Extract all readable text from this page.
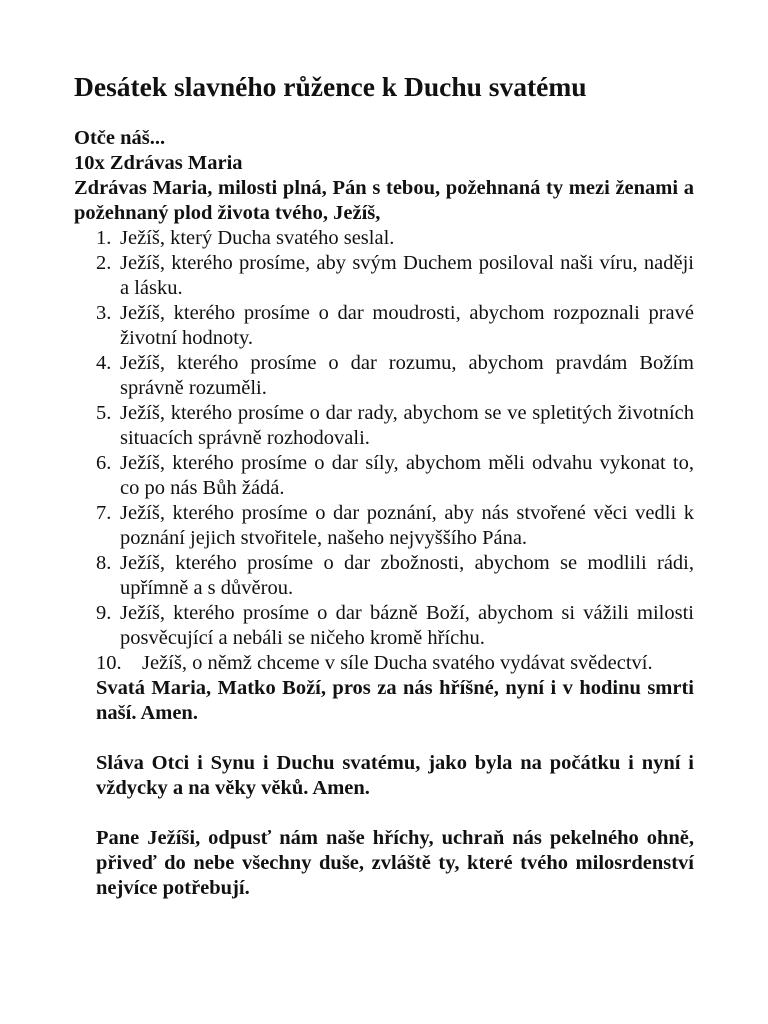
Desátek slavného růžence k Duchu svatému

Otče náš...

10x Zdrávas Maria

Zdrávas Maria, milosti plná, Pán s tebou, požehnaná ty mezi ženami a požehnaný plod života tvého, Ježíš,

1. Ježíš, který Ducha svatého seslal.
2. Ježíš, kterého prosíme, aby svým Duchem posiloval naši víru, naději a lásku.
3. Ježíš, kterého prosíme o dar moudrosti, abychom rozpoznali pravé životní hodnoty.
4. Ježíš, kterého prosíme o dar rozumu, abychom pravdám Božím správně rozuměli.
5. Ježíš, kterého prosíme o dar rady, abychom se ve spletitých životních situacích správně rozhodovali.
6. Ježíš, kterého prosíme o dar síly, abychom měli odvahu vykonat to, co po nás Bůh žádá.
7. Ježíš, kterého prosíme o dar poznání, aby nás stvořené věci vedli k poznání jejich stvořitele, našeho nejvyššího Pána.
8. Ježíš, kterého prosíme o dar zbožnosti, abychom se modlili rádi, upřímně a s důvěrou.
9. Ježíš, kterého prosíme o dar bázně Boží, abychom si vážili milosti posvěcující a nebáli se ničeho kromě hříchu.
10. Ježíš, o němž chceme v síle Ducha svatého vydávat svědectví.

Svatá Maria, Matko Boží, pros za nás hříšné, nyní i v hodinu smrti naší. Amen.

Sláva Otci i Synu i Duchu svatému, jako byla na počátku i nyní i vždycky a na věky věků. Amen.

Pane Ježíši, odpusť nám naše hříchy, uchraň nás pekelného ohně, přiveď do nebe všechny duše, zvláště ty, které tvého milosrdenství nejvíce potřebují.
